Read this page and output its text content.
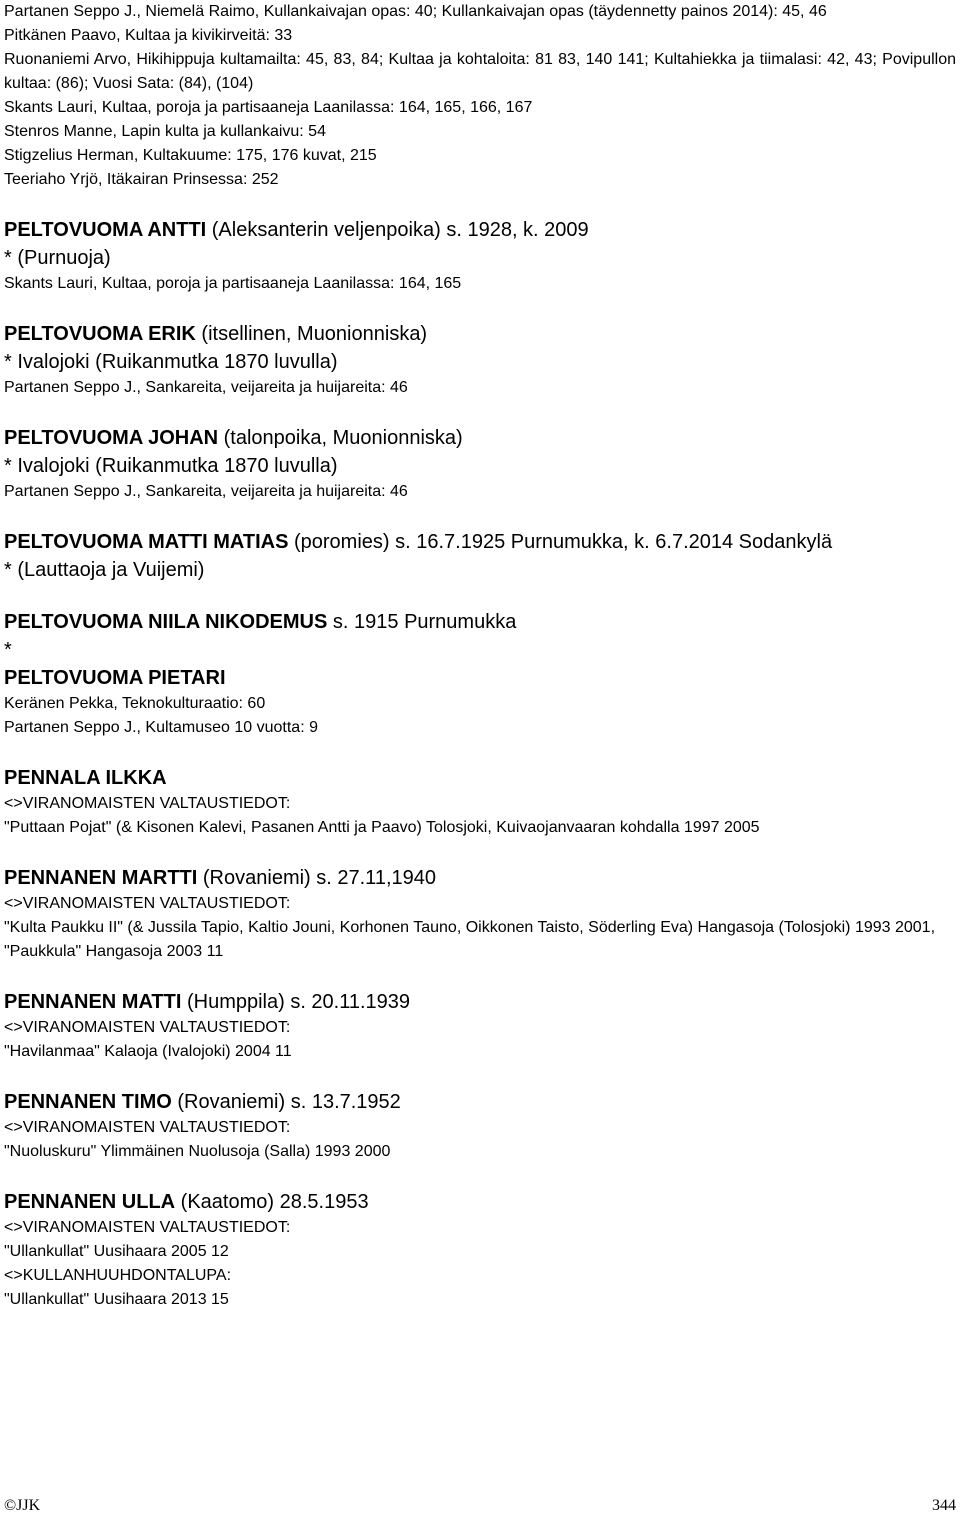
Partanen Seppo J., Niemelä Raimo, Kullankaivajan opas: 40; Kullankaivajan opas (täydennetty painos 2014): 45, 46
Pitkänen Paavo, Kultaa ja kivikirveitä: 33
Ruonaniemi Arvo, Hikihippuja kultamailta: 45, 83, 84; Kultaa ja kohtaloita: 81 83, 140 141; Kultahiekka ja tiimalasi: 42, 43; Povipullon kultaa: (86); Vuosi Sata: (84), (104)
Skants Lauri, Kultaa, poroja ja partisaaneja Laanilassa: 164, 165, 166, 167
Stenros Manne, Lapin kulta ja kullankaivu: 54
Stigzelius Herman, Kultakuume: 175, 176 kuvat, 215
Teeriaho Yrjö, Itäkairan Prinsessa: 252
PELTOVUOMA ANTTI (Aleksanterin veljenpoika) s. 1928, k. 2009
* (Purnuoja)
Skants Lauri, Kultaa, poroja ja partisaaneja Laanilassa: 164, 165
PELTOVUOMA ERIK (itsellinen, Muonionniska)
* Ivalojoki (Ruikanmutka 1870 luvulla)
Partanen Seppo J., Sankareita, veijareita ja huijareita: 46
PELTOVUOMA JOHAN (talonpoika, Muonionniska)
* Ivalojoki (Ruikanmutka 1870 luvulla)
Partanen Seppo J., Sankareita, veijareita ja huijareita: 46
PELTOVUOMA MATTI MATIAS (poromies) s. 16.7.1925 Purnumukka, k. 6.7.2014 Sodankylä
* (Lauttaoja ja Vuijemi)
PELTOVUOMA NIILA NIKODEMUS s. 1915 Purnumukka
*
PELTOVUOMA PIETARI
Keränen Pekka, Teknokulturaatio: 60
Partanen Seppo J., Kultamuseo 10 vuotta: 9
PENNALA ILKKA
<>VIRANOMAISTEN VALTAUSTIEDOT:
"Puttaan Pojat" (& Kisonen Kalevi, Pasanen Antti ja Paavo) Tolosjoki, Kuivaojanvaaran kohdalla 1997 2005
PENNANEN MARTTI (Rovaniemi) s. 27.11,1940
<>VIRANOMAISTEN VALTAUSTIEDOT:
"Kulta Paukku II" (& Jussila Tapio, Kaltio Jouni, Korhonen Tauno, Oikkonen Taisto, Söderling Eva) Hangasoja (Tolosjoki) 1993 2001,
"Paukkula" Hangasoja 2003 11
PENNANEN MATTI (Humppila) s. 20.11.1939
<>VIRANOMAISTEN VALTAUSTIEDOT:
"Havilanmaa" Kalaoja (Ivalojoki) 2004 11
PENNANEN TIMO (Rovaniemi) s. 13.7.1952
<>VIRANOMAISTEN VALTAUSTIEDOT:
"Nuoluskuru" Ylimmäinen Nuolusoja (Salla) 1993 2000
PENNANEN ULLA (Kaatomo) 28.5.1953
<>VIRANOMAISTEN VALTAUSTIEDOT:
"Ullankullat" Uusihaara 2005 12
<>KULLANHUUHDONTALUPA:
"Ullankullat" Uusihaara 2013 15
©JJK	344
